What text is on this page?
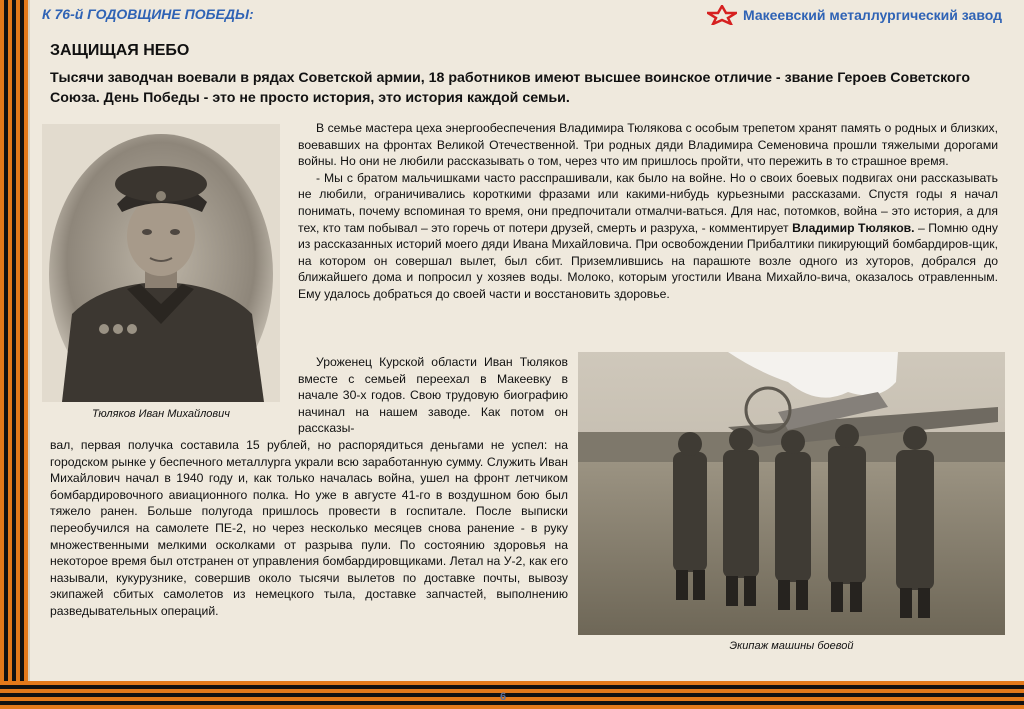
К 76-й ГОДОВЩИНЕ ПОБЕДЫ:	Макеевский металлургический завод
ЗАЩИЩАЯ НЕБО
Тысячи заводчан воевали в рядах Советской армии, 18 работников имеют высшее воинское отличие - звание Героев Советского Союза. День Победы - это не просто история, это история каждой семьи.
Тюляков Иван Михайлович

В семье мастера цеха энергообеспечения Владимира Тюлякова с особым трепетом хранят память о родных и близких, воевавших на фронтах Великой Отечественной. Три родных дяди Владимира Семеновича прошли тяжелыми дорогами войны. Но они не любили рассказывать о том, через что им пришлось пройти, что пережить в то страшное время.

- Мы с братом мальчишками часто расспрашивали, как было на войне. Но о своих боевых подвигах они рассказывать не любили, ограничивались короткими фразами или какими-нибудь курьезными рассказами. Спустя годы я начал понимать, почему вспоминая то время, они предпочитали отмалчи-ваться. Для нас, потомков, война – это история, а для тех, кто там побывал – это горечь от потери друзей, смерть и разруха, - комментирует Владимир Тюляков. – Помню одну из рассказанных историй моего дяди Ивана Михайловича. При освобождении Прибалтики пикирующий бомбардиров-щик, на котором он совершал вылет, был сбит. Приземлившись на парашюте возле одного из хуторов, добрался до ближайшего дома и попросил у хозяев воды. Молоко, которым угостили Ивана Михайло-вича, оказалось отравленным. Ему удалось добраться до своей части и восстановить здоровье.

Уроженец Курской области Иван Тюляков вместе с семьей переехал в Макеевку в начале 30-х годов. Свою трудовую биографию начинал на нашем заводе. Как потом он рассказы-

вал, первая получка составила 15 рублей, но распорядиться деньгами не успел: на городском рынке у беспечного металлурга украли всю заработанную сумму. Служить Иван Михайлович начал в 1940 году и, как только началась война, ушел на фронт летчиком бомбардировочного авиационного полка. Но уже в августе 41-го в воздушном бою был тяжело ранен. Больше полугода пришлось провести в госпитале. После выписки переобучился на самолете ПЕ-2, но через несколько месяцев снова ранение - в руку множественными мелкими осколками от разрыва пули. По состоянию здоровья на некоторое время был отстранен от управления бомбардировщиками. Летал на У-2, как его называли, кукурузнике, совершив около тысячи вылетов по доставке почты, вывозу экипажей сбитых самолетов из немецкого тыла, доставке запчастей, выполнению разведывательных операций.

Экипаж машины боевой
6
